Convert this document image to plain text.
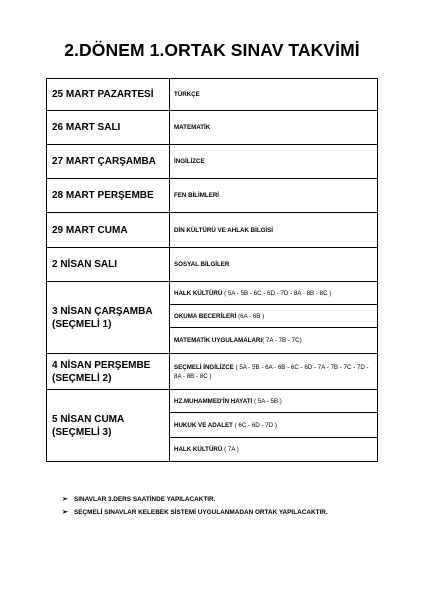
2.DÖNEM 1.ORTAK SINAV TAKVİMİ
25 MART PAZARTESİ	TÜRKÇE
26 MART SALI	MATEMATİK
27 MART ÇARŞAMBA	İNGİLİZCE
28 MART PERŞEMBE	FEN BİLİMLERİ
29 MART CUMA	DİN KÜLTÜRÜ VE AHLAK BİLGİSİ
2 NİSAN SALI	SOSYAL BİLGİLER
3 NİSAN ÇARŞAMBA (SEÇMELİ 1)	HALK KÜLTÜRÜ ( 5A - 5B - 6C - 6D - 7D - 8A - 8B - 8C )
	OKUMA BECERİLERİ (6A - 6B )
	MATEMATİK UYGULAMALARI( 7A - 7B - 7C)
4 NİSAN PERŞEMBE (SEÇMELİ 2)	SEÇMELİ İNGİLİZCE ( 5A - 5B - 6A - 6B - 6C - 6D - 7A - 7B - 7C - 7D - 8A - 8B - 8C )
5 NİSAN CUMA (SEÇMELİ 3)	HZ.MUHAMMED'İN HAYATI ( 5A - 5B )
	HUKUK VE ADALET ( 6C - 6D - 7D )
	HALK KÜLTÜRÜ ( 7A )
➢ SINAVLAR 3.DERS SAATİNDE YAPILACAKTIR.
➢ SEÇMELİ SINAVLAR KELEBEK SİSTEMİ UYGULANMADAN ORTAK YAPILACAKTIR.
